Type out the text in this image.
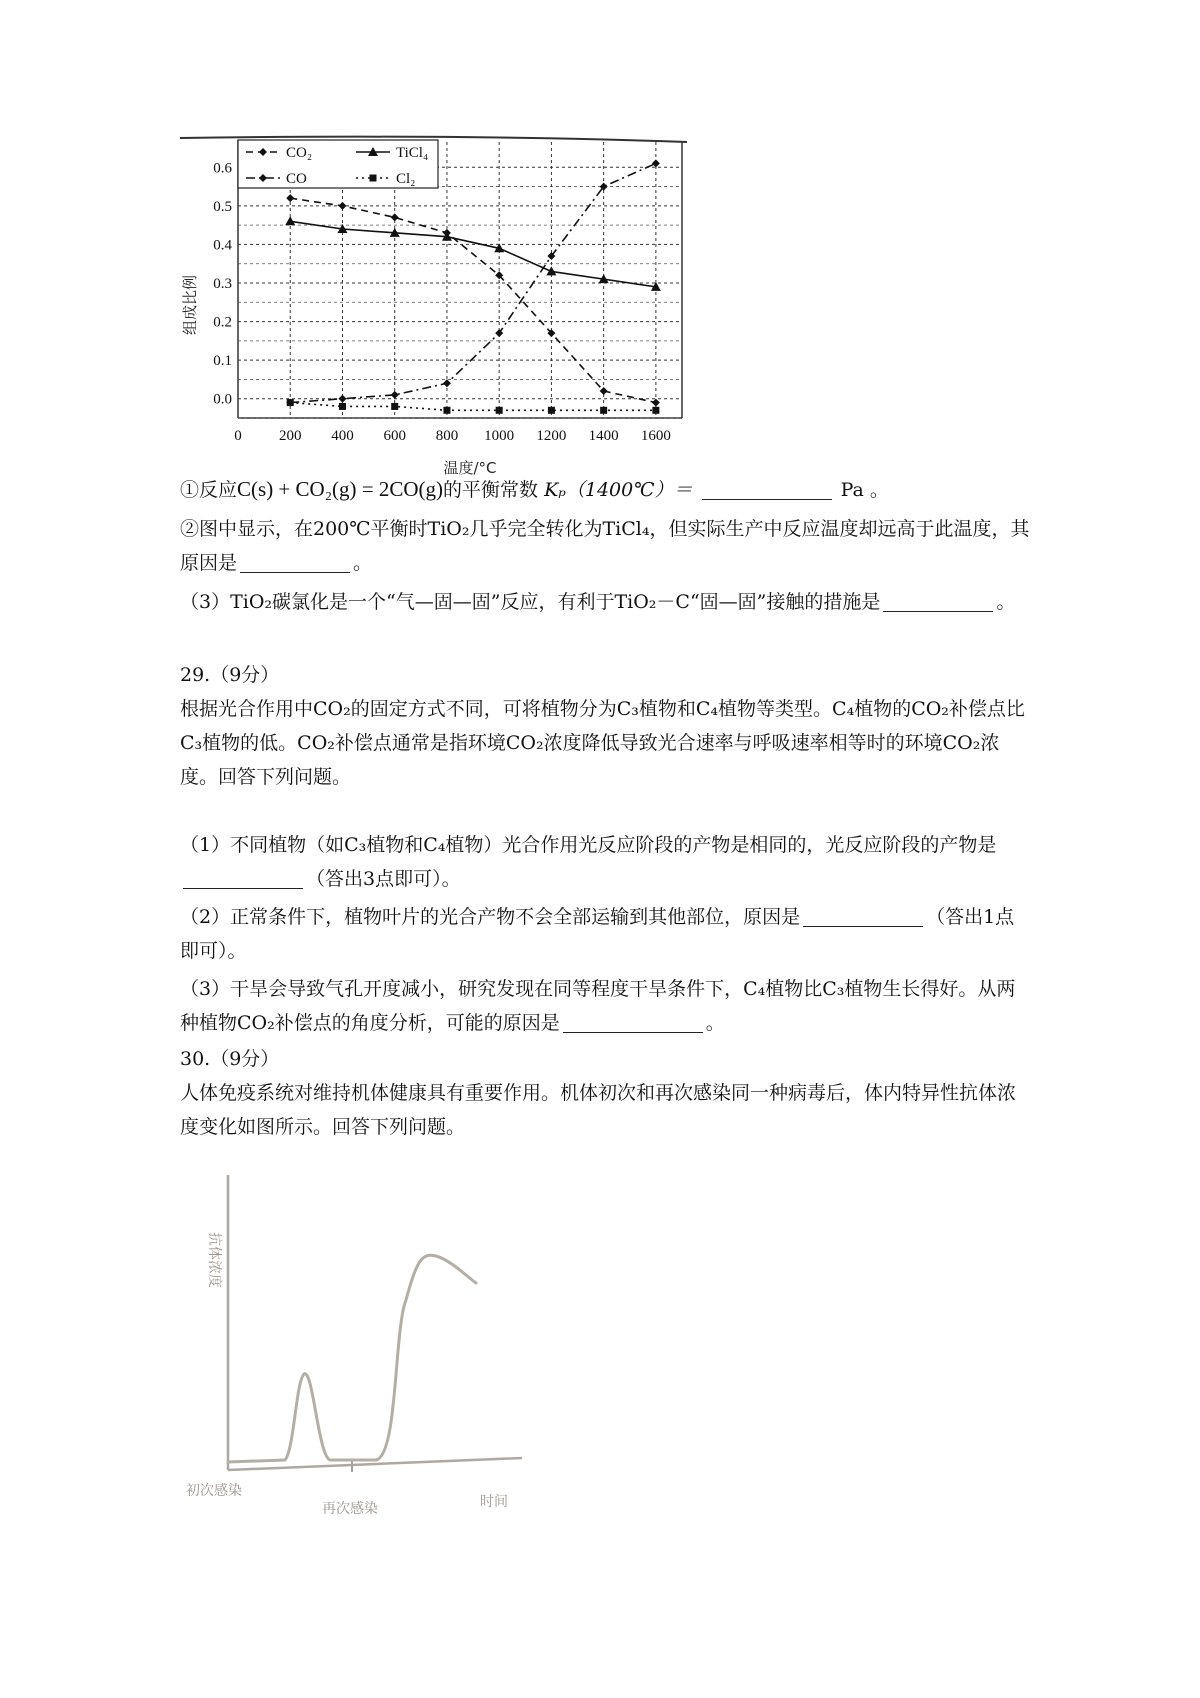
0.0
0.1
0.2
0.3
0.4
0.5
0.6
0 200 400 600 800 1000 1200 1400 1600
CO₂	TiCl₄
CO	Cl₂
组成比例
温度/°C
①反应C(s) + CO₂(g) = 2CO(g)的平衡常数 Kₚ（1400℃）＝	Pa 。
②图中显示，在200℃平衡时TiO₂几乎完全转化为TiCl₄，但实际生产中反应温度却远高于此温度，其原因是	。
（3）TiO₂碳氯化是一个“气—固—固”反应，有利于TiO₂－C“固—固”接触的措施是	。
29.（9分）
根据光合作用中CO₂的固定方式不同，可将植物分为C₃植物和C₄植物等类型。C₄植物的CO₂补偿点比C₃植物的低。CO₂补偿点通常是指环境CO₂浓度降低导致光合速率与呼吸速率相等时的环境CO₂浓度。回答下列问题。
（1）不同植物（如C₃植物和C₄植物）光合作用光反应阶段的产物是相同的，光反应阶段的产物是（答出3点即可）。
（2）正常条件下，植物叶片的光合产物不会全部运输到其他部位，原因是	（答出1点即可）。
（3）干旱会导致气孔开度减小，研究发现在同等程度干旱条件下，C₄植物比C₃植物生长得好。从两种植物CO₂补偿点的角度分析，可能的原因是	。
30.（9分）
人体免疫系统对维持机体健康具有重要作用。机体初次和再次感染同一种病毒后，体内特异性抗体浓度变化如图所示。回答下列问题。
抗体浓度
初次感染
再次感染	时间
